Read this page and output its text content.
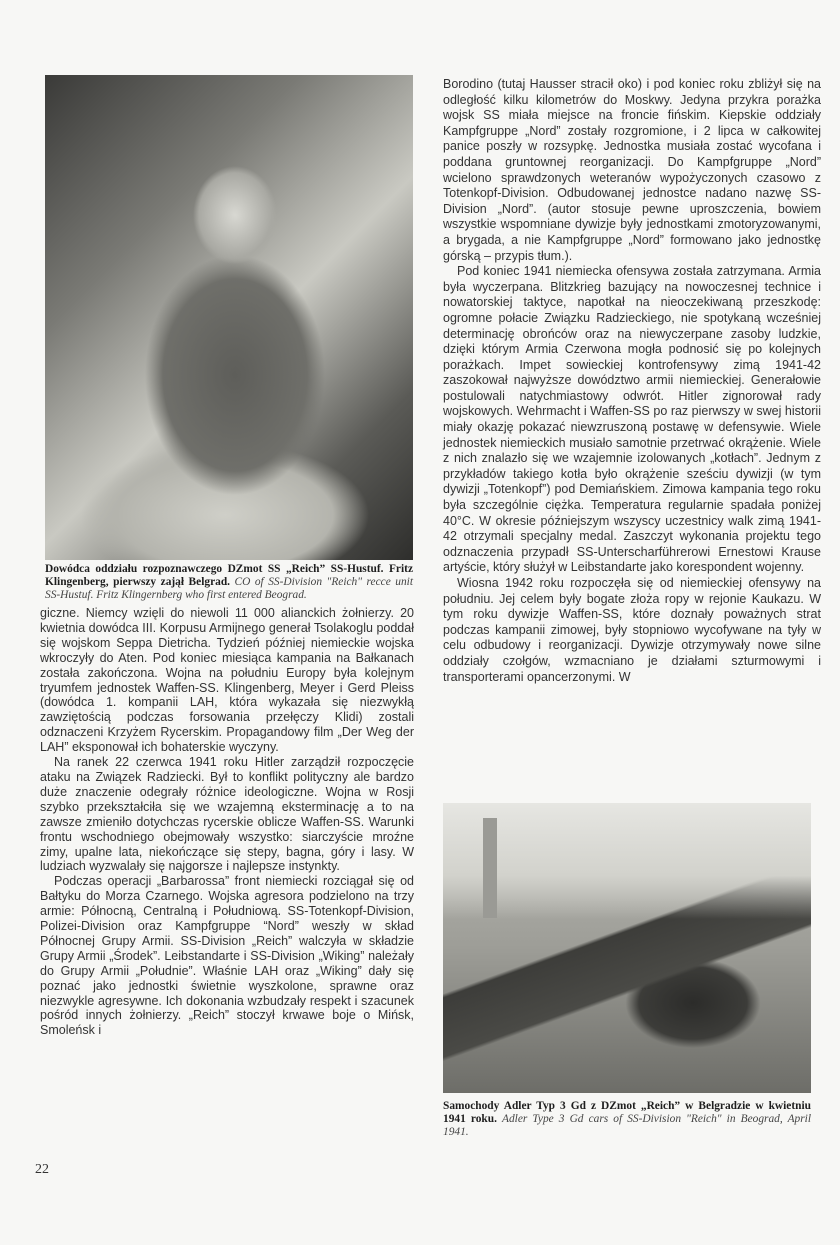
Dowódca oddziału rozpoznawczego DZmot SS „Reich” SS-Hustuf. Fritz Klingenberg, pierwszy zajął Belgrad. CO of SS-Division "Reich" recce unit SS-Hustuf. Fritz Klingernberg who first entered Beograd.

giczne. Niemcy wzięli do niewoli 11 000 alianckich żołnierzy. 20 kwietnia dowódca III. Korpusu Armijnego generał Tsolakoglu poddał się wojskom Seppa Dietricha. Tydzień później niemieckie wojska wkroczyły do Aten. Pod koniec miesiąca kampania na Bałkanach została zakończona. Wojna na południu Europy była kolejnym tryumfem jednostek Waffen-SS. Klingenberg, Meyer i Gerd Pleiss (dowódca 1. kompanii LAH, która wykazała się niezwykłą zawziętością podczas forsowania przełęczy Klidi) zostali odznaczeni Krzyżem Rycerskim. Propagandowy film „Der Weg der LAH” eksponował ich bohaterskie wyczyny.

Na ranek 22 czerwca 1941 roku Hitler zarządził rozpoczęcie ataku na Związek Radziecki. Był to konflikt polityczny ale bardzo duże znaczenie odegrały różnice ideologiczne. Wojna w Rosji szybko przekształciła się we wzajemną eksterminację a to na zawsze zmieniło dotychczas rycerskie oblicze Waffen-SS. Warunki frontu wschodniego obejmowały wszystko: siarczyście mroźne zimy, upalne lata, niekończące się stepy, bagna, góry i lasy. W ludziach wyzwalały się najgorsze i najlepsze instynkty.

Podczas operacji „Barbarossa” front niemiecki rozciągał się od Bałtyku do Morza Czarnego. Wojska agresora podzielono na trzy armie: Północną, Centralną i Południową. SS-Totenkopf-Division, Polizei-Division oraz Kampfgruppe “Nord” weszły w skład Północnej Grupy Armii. SS-Division „Reich” walczyła w składzie Grupy Armii „Środek”. Leibstandarte i SS-Division „Wiking” należały do Grupy Armii „Południe”. Właśnie LAH oraz „Wiking” dały się poznać jako jednostki świetnie wyszkolone, sprawne oraz niezwykle agresywne. Ich dokonania wzbudzały respekt i szacunek pośród innych żołnierzy. „Reich” stoczył krwawe boje o Mińsk, Smoleńsk i

Borodino (tutaj Hausser stracił oko) i pod koniec roku zbliżył się na odległość kilku kilometrów do Moskwy. Jedyna przykra porażka wojsk SS miała miejsce na froncie fińskim. Kiepskie oddziały Kampfgruppe „Nord” zostały rozgromione, i 2 lipca w całkowitej panice poszły w rozsypkę. Jednostka musiała zostać wycofana i poddana gruntownej reorganizacji. Do Kampfgruppe „Nord” wcielono sprawdzonych weteranów wypożyczonych czasowo z Totenkopf-Division. Odbudowanej jednostce nadano nazwę SS-Division „Nord”. (autor stosuje pewne uproszczenia, bowiem wszystkie wspomniane dywizje były jednostkami zmotoryzowanymi, a brygada, a nie Kampfgruppe „Nord” formowano jako jednostkę górską – przypis tłum.).

Pod koniec 1941 niemiecka ofensywa została zatrzymana. Armia była wyczerpana. Blitzkrieg bazujący na nowoczesnej technice i nowatorskiej taktyce, napotkał na nieoczekiwaną przeszkodę: ogromne połacie Związku Radzieckiego, nie spotykaną wcześniej determinację obrońców oraz na niewyczerpane zasoby ludzkie, dzięki którym Armia Czerwona mogła podnosić się po kolejnych porażkach. Impet sowieckiej kontrofensywy zimą 1941-42 zaszokował najwyższe dowództwo armii niemieckiej. Generałowie postulowali natychmiastowy odwrót. Hitler zignorował rady wojskowych. Wehrmacht i Waffen-SS po raz pierwszy w swej historii miały okazję pokazać niewzruszoną postawę w defensywie. Wiele jednostek niemieckich musiało samotnie przetrwać okrążenie. Wiele z nich znalazło się we wzajemnie izolowanych „kotłach”. Jednym z przykładów takiego kotła było okrążenie sześciu dywizji (w tym dywizji „Totenkopf”) pod Demiańskiem. Zimowa kampania tego roku była szczególnie ciężka. Temperatura regularnie spadała poniżej 40°C. W okresie późniejszym wszyscy uczestnicy walk zimą 1941-42 otrzymali specjalny medal. Zaszczyt wykonania projektu tego odznaczenia przypadł SS-Unterscharführerowi Ernestowi Krause artyście, który służył w Leibstandarte jako korespondent wojenny.

Wiosna 1942 roku rozpoczęła się od niemieckiej ofensywy na południu. Jej celem były bogate złoża ropy w rejonie Kaukazu. W tym roku dywizje Waffen-SS, które doznały poważnych strat podczas kampanii zimowej, były stopniowo wycofywane na tyły w celu odbudowy i reorganizacji. Dywizje otrzymywały nowe silne oddziały czołgów, wzmacniano je działami szturmowymi i transporterami opancerzonymi. W

Samochody Adler Typ 3 Gd z DZmot „Reich” w Belgradzie w kwietniu 1941 roku. Adler Type 3 Gd cars of SS-Division "Reich" in Beograd, April 1941.
22
